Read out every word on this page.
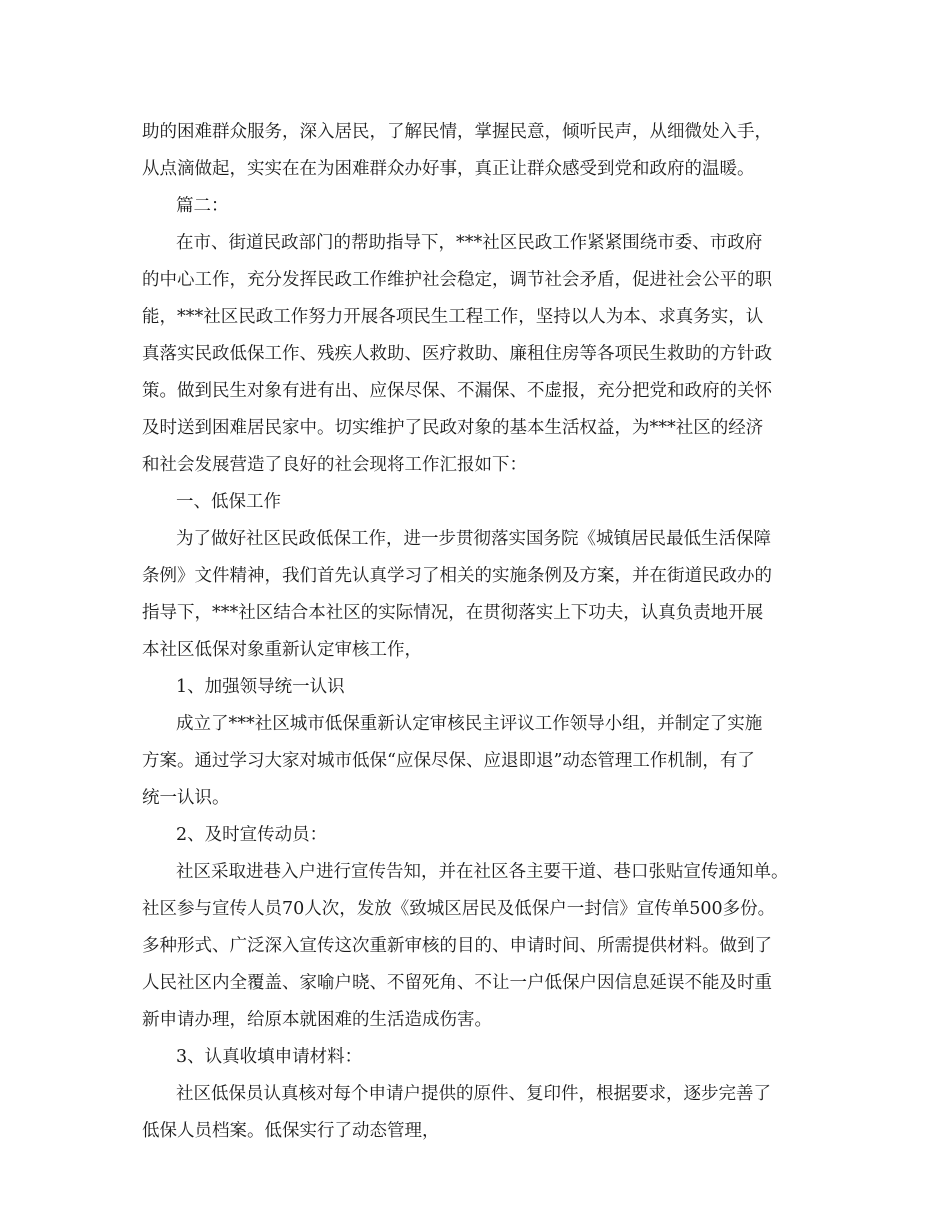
助的困难群众服务，深入居民，了解民情，掌握民意，倾听民声，从细微处入手，
从点滴做起，实实在在为困难群众办好事，真正让群众感受到党和政府的温暖。
篇二：
在市、街道民政部门的帮助指导下，***社区民政工作紧紧围绕市委、市政府
的中心工作，充分发挥民政工作维护社会稳定，调节社会矛盾，促进社会公平的职
能，***社区民政工作努力开展各项民生工程工作，坚持以人为本、求真务实，认
真落实民政低保工作、残疾人救助、医疗救助、廉租住房等各项民生救助的方针政
策。做到民生对象有进有出、应保尽保、不漏保、不虚报，充分把党和政府的关怀
及时送到困难居民家中。切实维护了民政对象的基本生活权益，为***社区的经济
和社会发展营造了良好的社会现将工作汇报如下：
一、低保工作
为了做好社区民政低保工作，进一步贯彻落实国务院《城镇居民最低生活保障
条例》文件精神，我们首先认真学习了相关的实施条例及方案，并在街道民政办的
指导下，***社区结合本社区的实际情况，在贯彻落实上下功夫，认真负责地开展
本社区低保对象重新认定审核工作，
1、加强领导统一认识
成立了***社区城市低保重新认定审核民主评议工作领导小组，并制定了实施
方案。通过学习大家对城市低保“应保尽保、应退即退”动态管理工作机制，有了
统一认识。
2、及时宣传动员：
社区采取进巷入户进行宣传告知，并在社区各主要干道、巷口张贴宣传通知单。
社区参与宣传人员70人次，发放《致城区居民及低保户一封信》宣传单500多份。
多种形式、广泛深入宣传这次重新审核的目的、申请时间、所需提供材料。做到了
人民社区内全覆盖、家喻户晓、不留死角、不让一户低保户因信息延误不能及时重
新申请办理，给原本就困难的生活造成伤害。
3、认真收填申请材料：
社区低保员认真核对每个申请户提供的原件、复印件，根据要求，逐步完善了
低保人员档案。低保实行了动态管理，
